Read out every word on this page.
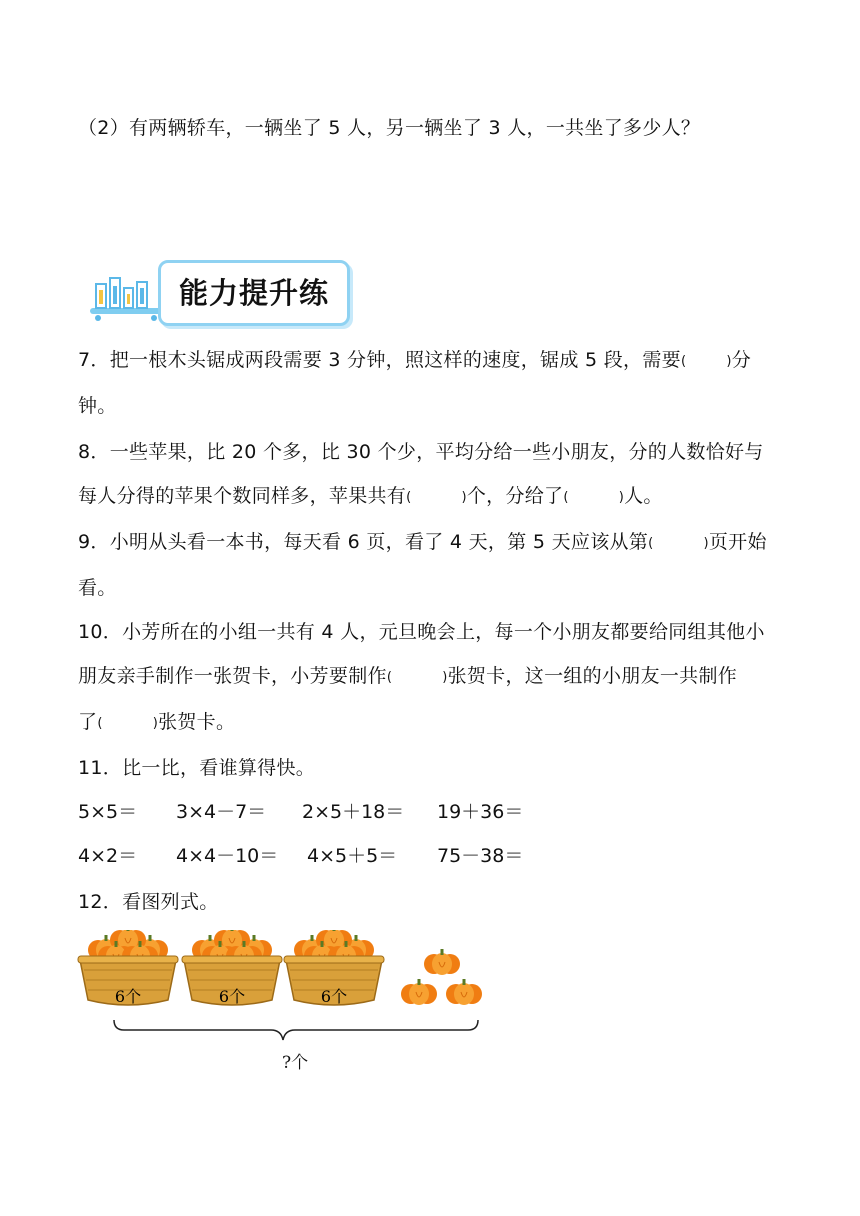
（2）有两辆轿车，一辆坐了 5 人，另一辆坐了 3 人，一共坐了多少人？
能力提升练
7．把一根木头锯成两段需要 3 分钟，照这样的速度，锯成 5 段，需要(	)分
钟。
8．一些苹果，比 20 个多，比 30 个少，平均分给一些小朋友，分的人数恰好与
每人分得的苹果个数同样多，苹果共有(	)个，分给了(	)人。
9．小明从头看一本书，每天看 6 页，看了 4 天，第 5 天应该从第(	)页开始
看。
10．小芳所在的小组一共有 4 人，元旦晚会上，每一个小朋友都要给同组其他小
朋友亲手制作一张贺卡，小芳要制作(	)张贺卡，这一组的小朋友一共制作
了(	)张贺卡。
11．比一比，看谁算得快。
5×5＝ 3×4－7＝ 2×5＋18＝ 19＋36＝
4×2＝ 4×4－10＝ 4×5＋5＝ 75－38＝
12．看图列式。
6个	6个	6个
?个
